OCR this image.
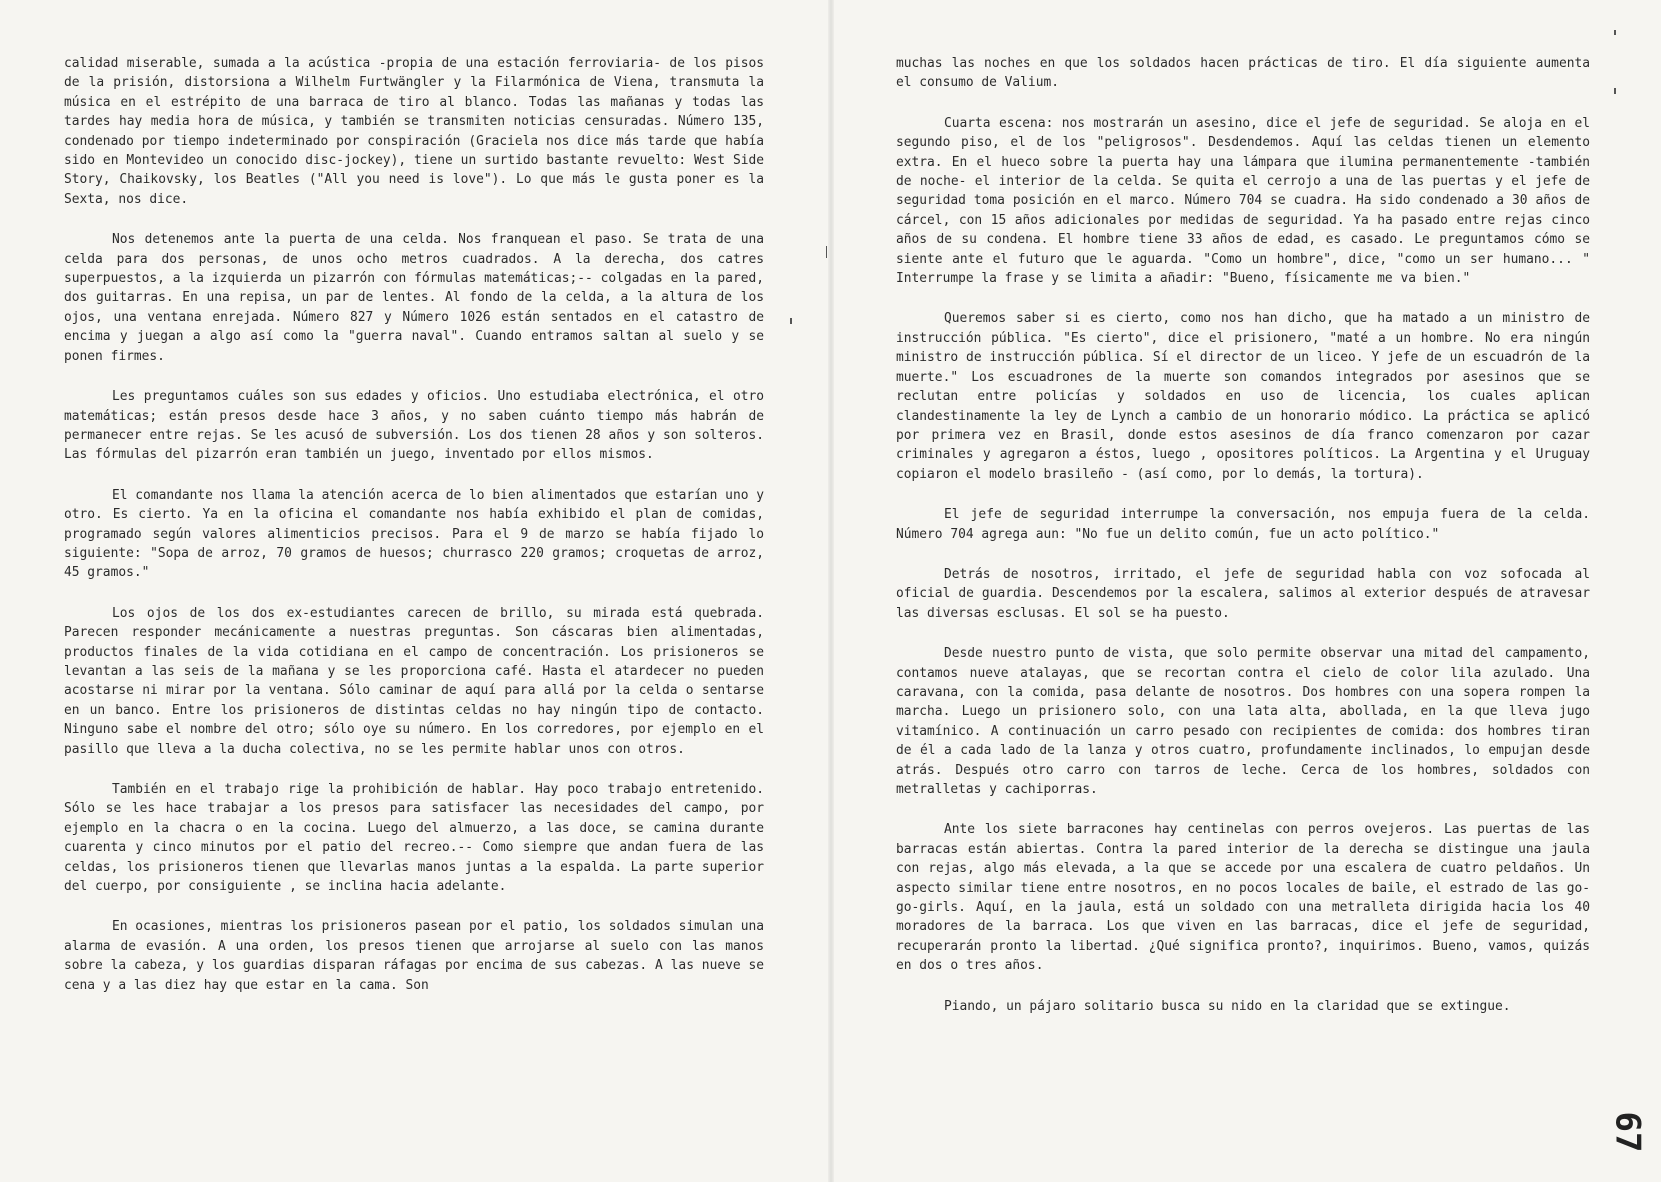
calidad miserable, sumada a la acústica -propia de una estación ferroviaria- de los pisos de la prisión, distorsiona a Wilhelm Furtwängler y la Filarmónica de Viena, transmuta la música en el estrépito de una barraca de tiro al blanco. Todas las mañanas y todas las tardes hay media hora de música, y también se transmiten noticias censuradas. Número 135, condenado por tiempo indeterminado por conspiración (Graciela nos dice más tarde que había sido en Montevideo un conocido disc-jockey), tiene un surtido bastante revuelto: West Side Story, Chaikovsky, los Beatles ("All you need is love"). Lo que más le gusta poner es la Sexta, nos dice.

Nos detenemos ante la puerta de una celda. Nos franquean el paso. Se trata de una celda para dos personas, de unos ocho metros cuadrados. A la derecha, dos catres superpuestos, a la izquierda un pizarrón con fórmulas matemáticas;-- colgadas en la pared, dos guitarras. En una repisa, un par de lentes. Al fondo de la celda, a la altura de los ojos, una ventana enrejada. Número 827 y Número 1026 están sentados en el catastro de encima y juegan a algo así como la "guerra naval". Cuando entramos saltan al suelo y se ponen firmes.

Les preguntamos cuáles son sus edades y oficios. Uno estudiaba electrónica, el otro matemáticas; están presos desde hace 3 años, y no saben cuánto tiempo más habrán de permanecer entre rejas. Se les acusó de subversión. Los dos tienen 28 años y son solteros. Las fórmulas del pizarrón eran también un juego, inventado por ellos mismos.

El comandante nos llama la atención acerca de lo bien alimentados que estarían uno y otro. Es cierto. Ya en la oficina el comandante nos había exhibido el plan de comidas, programado según valores alimenticios precisos. Para el 9 de marzo se había fijado lo siguiente: "Sopa de arroz, 70 gramos de huesos; churrasco 220 gramos; croquetas de arroz, 45 gramos."

Los ojos de los dos ex-estudiantes carecen de brillo, su mirada está quebrada. Parecen responder mecánicamente a nuestras preguntas. Son cáscaras bien alimentadas, productos finales de la vida cotidiana en el campo de concentración. Los prisioneros se levantan a las seis de la mañana y se les proporciona café. Hasta el atardecer no pueden acostarse ni mirar por la ventana. Sólo caminar de aquí para allá por la celda o sentarse en un banco. Entre los prisioneros de distintas celdas no hay ningún tipo de contacto. Ninguno sabe el nombre del otro; sólo oye su número. En los corredores, por ejemplo en el pasillo que lleva a la ducha colectiva, no se les permite hablar unos con otros.

También en el trabajo rige la prohibición de hablar. Hay poco trabajo entretenido. Sólo se les hace trabajar a los presos para satisfacer las necesidades del campo, por ejemplo en la chacra o en la cocina. Luego del almuerzo, a las doce, se camina durante cuarenta y cinco minutos por el patio del recreo.-- Como siempre que andan fuera de las celdas, los prisioneros tienen que llevarlas manos juntas a la espalda. La parte superior del cuerpo, por consiguiente , se inclina hacia adelante.

En ocasiones, mientras los prisioneros pasean por el patio, los soldados simulan una alarma de evasión. A una orden, los presos tienen que arrojarse al suelo con las manos sobre la cabeza, y los guardias disparan ráfagas por encima de sus cabezas. A las nueve se cena y a las diez hay que estar en la cama. Son

muchas las noches en que los soldados hacen prácticas de tiro. El día siguiente aumenta el consumo de Valium.

Cuarta escena: nos mostrarán un asesino, dice el jefe de seguridad. Se aloja en el segundo piso, el de los "peligrosos". Desdendemos. Aquí las celdas tienen un elemento extra. En el hueco sobre la puerta hay una lámpara que ilumina permanentemente -también de noche- el interior de la celda. Se quita el cerrojo a una de las puertas y el jefe de seguridad toma posición en el marco. Número 704 se cuadra. Ha sido condenado a 30 años de cárcel, con 15 años adicionales por medidas de seguridad. Ya ha pasado entre rejas cinco años de su condena. El hombre tiene 33 años de edad, es casado. Le preguntamos cómo se siente ante el futuro que le aguarda. "Como un hombre", dice, "como un ser humano... " Interrumpe la frase y se limita a añadir: "Bueno, físicamente me va bien."

Queremos saber si es cierto, como nos han dicho, que ha matado a un ministro de instrucción pública. "Es cierto", dice el prisionero, "maté a un hombre. No era ningún ministro de instrucción pública. Sí el director de un liceo. Y jefe de un escuadrón de la muerte." Los escuadrones de la muerte son comandos integrados por asesinos que se reclutan entre policías y soldados en uso de licencia, los cuales aplican clandestinamente la ley de Lynch a cambio de un honorario módico. La práctica se aplicó por primera vez en Brasil, donde estos asesinos de día franco comenzaron por cazar criminales y agregaron a éstos, luego , opositores políticos. La Argentina y el Uruguay copiaron el modelo brasileño - (así como, por lo demás, la tortura).

El jefe de seguridad interrumpe la conversación, nos empuja fuera de la celda. Número 704 agrega aun: "No fue un delito común, fue un acto político."

Detrás de nosotros, irritado, el jefe de seguridad habla con voz sofocada al oficial de guardia. Descendemos por la escalera, salimos al exterior después de atravesar las diversas esclusas. El sol se ha puesto.

Desde nuestro punto de vista, que solo permite observar una mitad del campamento, contamos nueve atalayas, que se recortan contra el cielo de color lila azulado. Una caravana, con la comida, pasa delante de nosotros. Dos hombres con una sopera rompen la marcha. Luego un prisionero solo, con una lata alta, abollada, en la que lleva jugo vitamínico. A continuación un carro pesado con recipientes de comida: dos hombres tiran de él a cada lado de la lanza y otros cuatro, profundamente inclinados, lo empujan desde atrás. Después otro carro con tarros de leche. Cerca de los hombres, soldados con metralletas y cachiporras.

Ante los siete barracones hay centinelas con perros ovejeros. Las puertas de las barracas están abiertas. Contra la pared interior de la derecha se distingue una jaula con rejas, algo más elevada, a la que se accede por una escalera de cuatro peldaños. Un aspecto similar tiene entre nosotros, en no pocos locales de baile, el estrado de las go-go-girls. Aquí, en la jaula, está un soldado con una metralleta dirigida hacia los 40 moradores de la barraca. Los que viven en las barracas, dice el jefe de seguridad, recuperarán pronto la libertad. ¿Qué significa pronto?, inquirimos. Bueno, vamos, quizás en dos o tres años.

Piando, un pájaro solitario busca su nido en la claridad que se extingue.

67
